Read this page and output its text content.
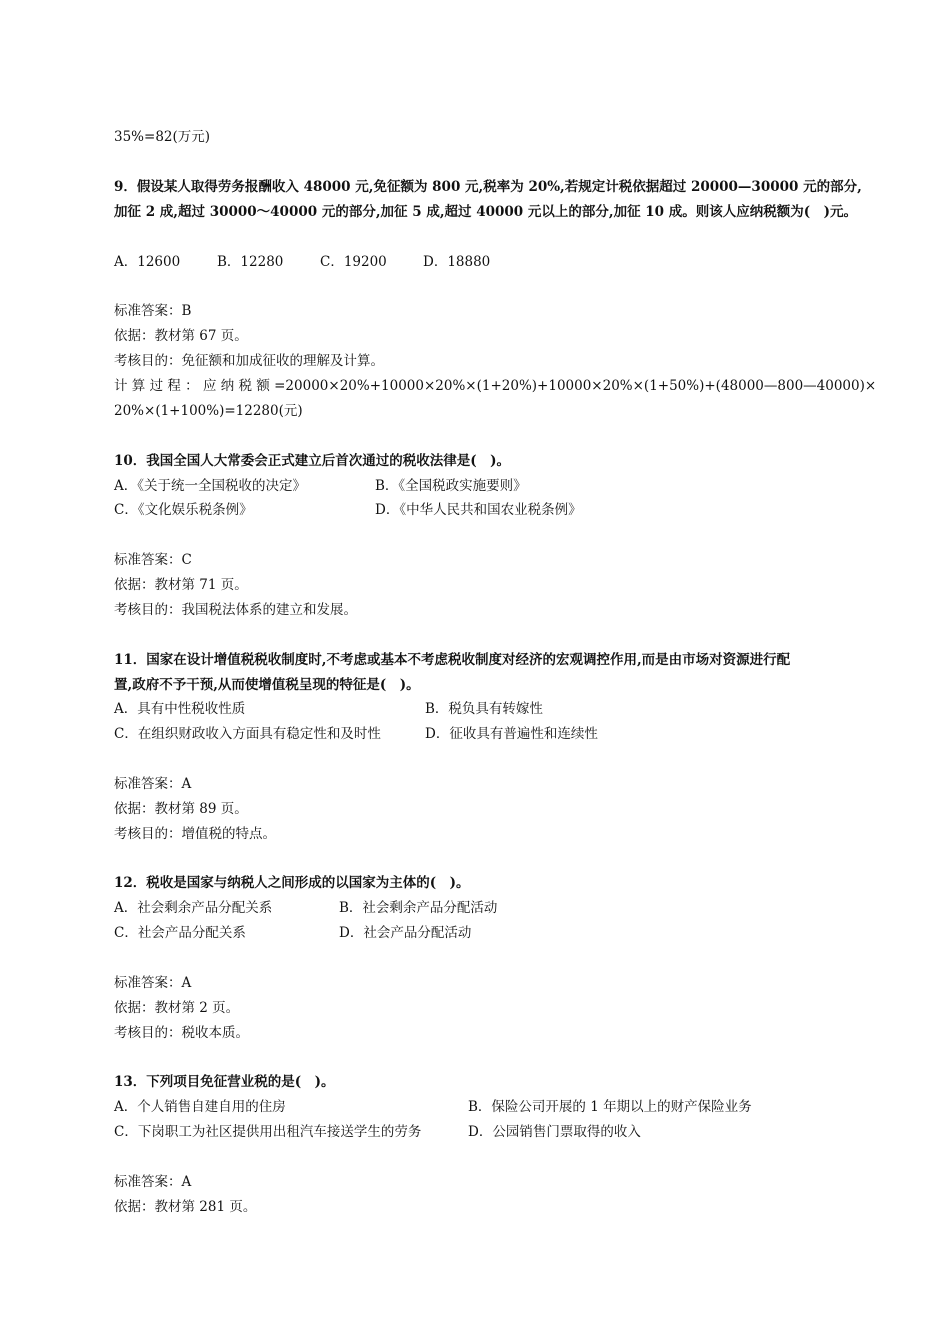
35%=82(万元)
9．假设某人取得劳务报酬收入 48000 元,免征额为 800 元,税率为 20%,若规定计税依据超过 20000—30000 元的部分,
加征 2 成,超过 30000～40000 元的部分,加征 5 成,超过 40000 元以上的部分,加征 10 成。则该人应纳税额为(　)元。
A．12600	B．12280	C．19200	D．18880
标准答案：B
依据：教材第 67 页。
考核目的：免征额和加成征收的理解及计算。
计 算 过 程 ： 应 纳 税 额 =20000× 20%+10000× 20%×(1+20%)+10000×20%×(1+50%)+(48000—800—40000)×
20%×(1+100%)=12280(元)
10．我国全国人大常委会正式建立后首次通过的税收法律是(　)。
A．《关于统一全国税收的决定》	B．《全国税政实施要则》
C．《文化娱乐税条例》	D．《中华人民共和国农业税条例》
标准答案：C
依据：教材第 71 页。
考核目的：我国税法体系的建立和发展。
11．国家在设计增值税税收制度时,不考虑或基本不考虑税收制度对经济的宏观调控作用,而是由市场对资源进行配
置,政府不予干预,从而使增值税呈现的特征是(　)。
A．具有中性税收性质	B．税负具有转嫁性
C．在组织财政收入方面具有稳定性和及时性	D．征收具有普遍性和连续性
标准答案：A
依据：教材第 89 页。
考核目的：增值税的特点。
12．税收是国家与纳税人之间形成的以国家为主体的(　)。
A．社会剩余产品分配关系	B．社会剩余产品分配活动
C．社会产品分配关系	D．社会产品分配活动
标准答案：A
依据：教材第 2 页。
考核目的：税收本质。
13．下列项目免征营业税的是(　)。
A．个人销售自建自用的住房	B．保险公司开展的 1 年期以上的财产保险业务
C．下岗职工为社区提供用出租汽车接送学生的劳务	D．公园销售门票取得的收入
标准答案：A
依据：教材第 281 页。
